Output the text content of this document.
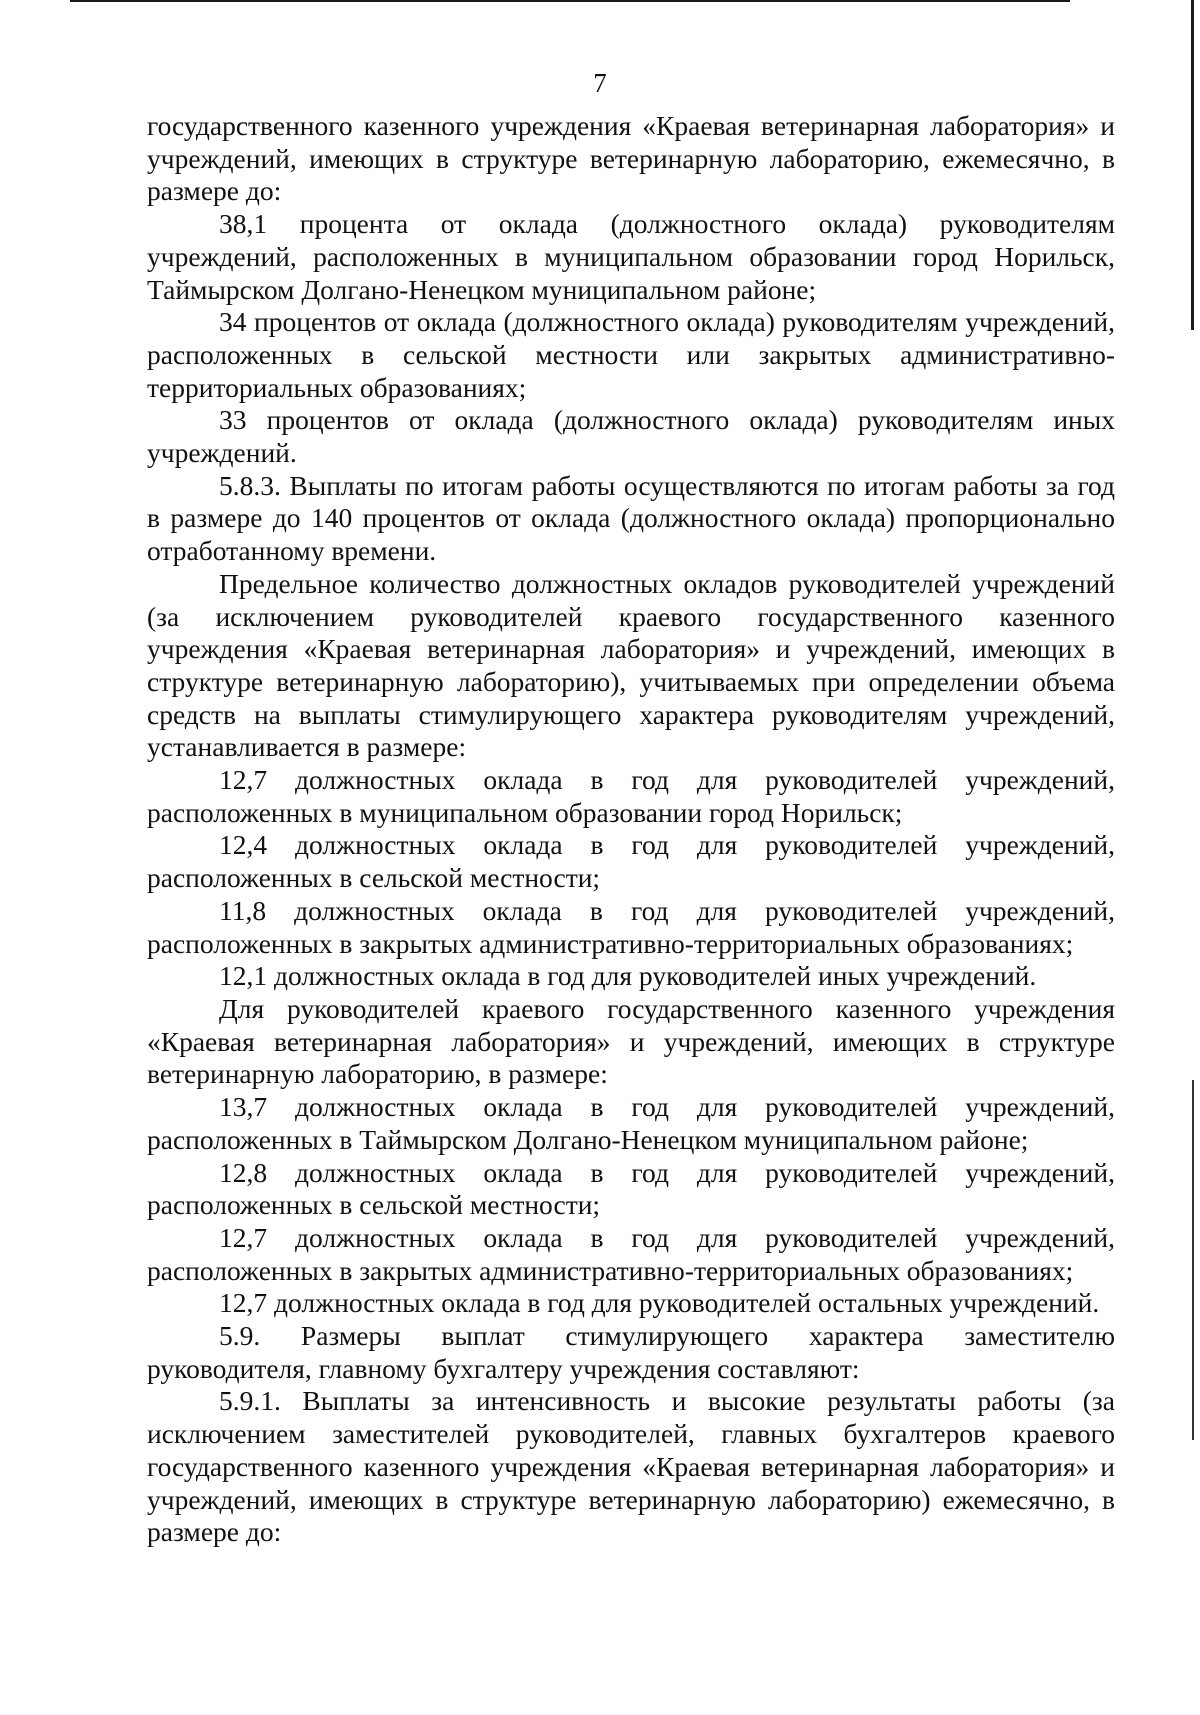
7

государственного казенного учреждения «Краевая ветеринарная лаборатория» и учреждений, имеющих в структуре ветеринарную лабораторию, ежемесячно, в размере до:

38,1 процента от оклада (должностного оклада) руководителям учреждений, расположенных в муниципальном образовании город Норильск, Таймырском Долгано-Ненецком муниципальном районе;

34 процентов от оклада (должностного оклада) руководителям учреждений, расположенных в сельской местности или закрытых административно-территориальных образованиях;

33 процентов от оклада (должностного оклада) руководителям иных учреждений.

5.8.3. Выплаты по итогам работы осуществляются по итогам работы за год в размере до 140 процентов от оклада (должностного оклада) пропорционально отработанному времени.

Предельное количество должностных окладов руководителей учреждений (за исключением руководителей краевого государственного казенного учреждения «Краевая ветеринарная лаборатория» и учреждений, имеющих в структуре ветеринарную лабораторию), учитываемых при определении объема средств на выплаты стимулирующего характера руководителям учреждений, устанавливается в размере:

12,7 должностных оклада в год для руководителей учреждений, расположенных в муниципальном образовании город Норильск;

12,4 должностных оклада в год для руководителей учреждений, расположенных в сельской местности;

11,8 должностных оклада в год для руководителей учреждений, расположенных в закрытых административно-территориальных образованиях;

12,1 должностных оклада в год для руководителей иных учреждений.

Для руководителей краевого государственного казенного учреждения «Краевая ветеринарная лаборатория» и учреждений, имеющих в структуре ветеринарную лабораторию, в размере:

13,7 должностных оклада в год для руководителей учреждений, расположенных в Таймырском Долгано-Ненецком муниципальном районе;

12,8 должностных оклада в год для руководителей учреждений, расположенных в сельской местности;

12,7 должностных оклада в год для руководителей учреждений, расположенных в закрытых административно-территориальных образованиях;

12,7 должностных оклада в год для руководителей остальных учреждений.

5.9. Размеры выплат стимулирующего характера заместителю руководителя, главному бухгалтеру учреждения составляют:

5.9.1. Выплаты за интенсивность и высокие результаты работы (за исключением заместителей руководителей, главных бухгалтеров краевого государственного казенного учреждения «Краевая ветеринарная лаборатория» и учреждений, имеющих в структуре ветеринарную лабораторию) ежемесячно, в размере до:
